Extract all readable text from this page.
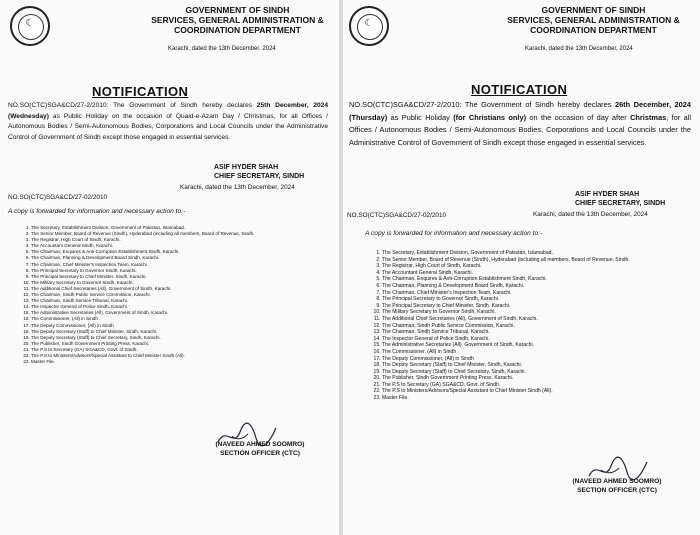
☾
GOVERNMENT OF SINDH
SERVICES, GENERAL ADMINISTRATION &
COORDINATION DEPARTMENT
Karachi, dated the 13th December, 2024
NOTIFICATION
NO.SO(CTC)SGA&CD/27-2/2010: The Government of Sindh hereby declares 25th December, 2024 (Wednesday) as Public Holiday on the occasion of Quaid-e-Azam Day / Christmas, for all Offices / Autonomous Bodies / Semi-Autonomous Bodies, Corporations and Local Councils under the Administrative Control of Government of Sindh except those engaged in essential services.
ASIF HYDER SHAH
CHIEF SECRETARY, SINDH
NO.SO(CTC)SGA&CD/27-02/2010
Karachi, dated the 13th December, 2024
A copy is forwarded for information and necessary action to:-
1. The Secretary, Establishment Division, Government of Pakistan, Islamabad.
2. The Senior Member, Board of Revenue (Sindh), Hyderabad (including all members, Board of Revenue, Sindh.
3. The Registrar, High Court of Sindh, Karachi.
4. The Accountant General Sindh, Karachi.
5. The Chairman, Enquires & Anti-Corruption Establishment Sindh, Karachi.
6. The Chairman, Planning & Development Board Sindh, Karachi.
7. The Chairman, Chief Minister's Inspection Team, Karachi.
8. The Principal Secretary to Governor Sindh, Karachi.
9. The Principal Secretary to Chief Minister, Sindh, Karachi.
10. The Military Secretary to Governor Sindh, Karachi.
11. The Additional Chief Secretaries (All), Government of Sindh, Karachi.
12. The Chairman, Sindh Public Service Commission, Karachi.
13. The Chairman, Sindh Service Tribunal, Karachi.
14. The Inspector General of Police Sindh, Karachi
15. The Administrative Secretaries (All), Government of Sindh, Karachi.
16. The Commissioner, (All) in Sindh
17. The Deputy Commissioner, (All) in Sindh
18. The Deputy Secretary (Staff) to Chief Minister, Sindh, Karachi.
19. The Deputy Secretary (Staff) to Chief Secretary, Sindh, Karachi.
20. The Publisher, Sindh Government Printing Press, Karachi.
21. The P.S to Secretary (GA) SGA&CD, Govt. of Sindh.
22. The P.S to Ministers/Advisors/Special Assistant to Chief Minister Sindh (All).
23. Master File.
(NAVEED AHMED SOOMRO)
SECTION OFFICER (CTC)
☾
GOVERNMENT OF SINDH
SERVICES, GENERAL ADMINISTRATION &
COORDINATION DEPARTMENT
Karachi, dated the 13th December, 2024
NOTIFICATION
NO.SO(CTC)SGA&CD/27-2/2010: The Government of Sindh hereby declares 26th December, 2024 (Thursday) as Public Holiday (for Christians only) on the occasion of day after Christmas, for all Offices / Autonomous Bodies / Semi-Autonomous Bodies, Corporations and Local Councils under the Administrative Control of Government of Sindh except those engaged in essential services.
ASIF HYDER SHAH
CHIEF SECRETARY, SINDH
NO.SO(CTC)SGA&CD/27-02/2010	Karachi, dated the 13th December, 2024
A copy is forwarded for information and necessary action to:-
1. The Secretary, Establishment Division, Government of Pakistan, Islamabad.
2. The Senior Member, Board of Revenue (Sindh), Hyderabad (including all members, Board of Revenue, Sindh.
3. The Registrar, High Court of Sindh, Karachi.
4. The Accountant General Sindh, Karachi.
5. The Chairman, Enquires & Anti-Corruption Establishment Sindh, Karachi.
6. The Chairman, Planning & Development Board Sindh, Karachi.
7. The Chairman, Chief Minister's Inspection Team, Karachi.
8. The Principal Secretary to Governor Sindh, Karachi.
9. The Principal Secretary to Chief Minister, Sindh, Karachi.
10. The Military Secretary to Governor Sindh, Karachi.
11. The Additional Chief Secretaries (All), Government of Sindh, Karachi.
12. The Chairman, Sindh Public Service Commission, Karachi.
13. The Chairman, Sindh Service Tribunal, Karachi.
14. The Inspector General of Police Sindh, Karachi.
15. The Administrative Secretaries (All), Government of Sindh, Karachi.
16. The Commissioner, (All) in Sindh
17. The Deputy Commissioner, (All) in Sindh
18. The Deputy Secretary (Staff) to Chief Minister, Sindh, Karachi.
19. The Deputy Secretary (Staff) to Chief Secretary, Sindh, Karachi.
20. The Publisher, Sindh Government Printing Press, Karachi.
21. The P.S to Secretary (GA) SGA&CD, Govt. of Sindh.
22. The P.S to Ministers/Advisors/Special Assistant to Chief Minister Sindh (All).
23. Master File.
(NAVEED AHMED SOOMRO)
SECTION OFFICER (CTC)
